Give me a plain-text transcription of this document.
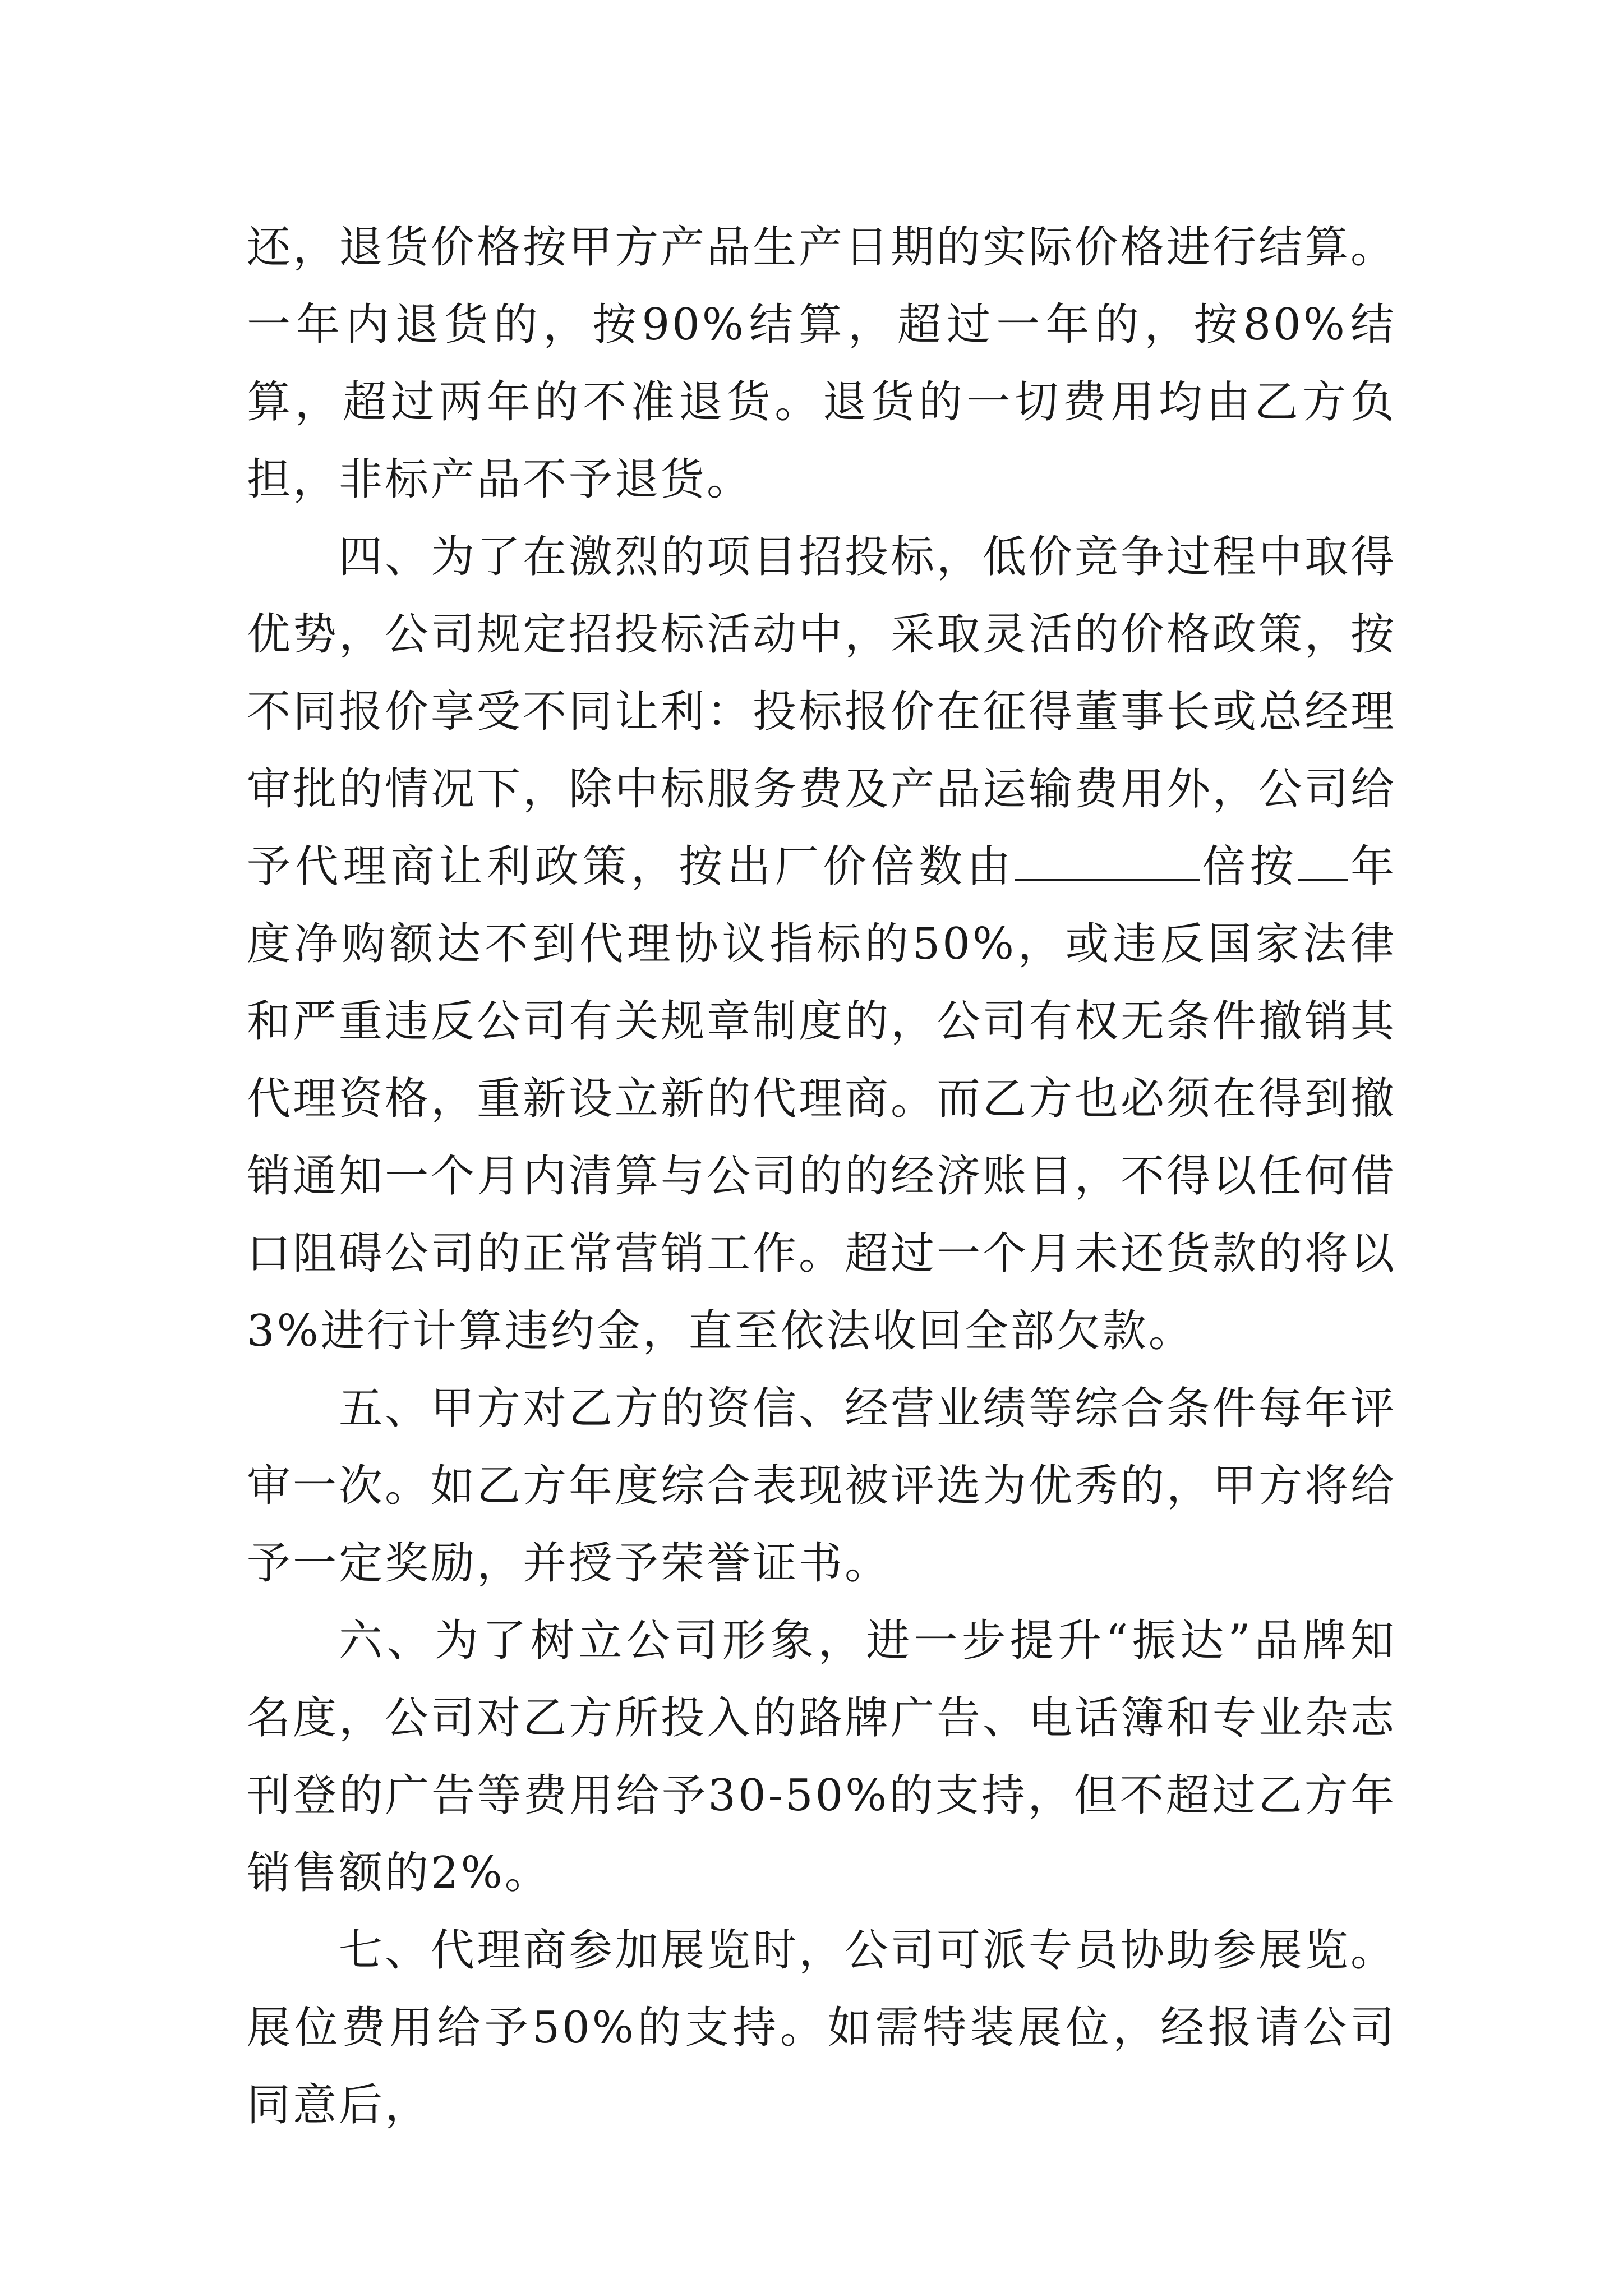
还，退货价格按甲方产品生产日期的实际价格进行结算。一年内退货的，按90%结算，超过一年的，按80%结算，超过两年的不准退货。退货的一切费用均由乙方负担，非标产品不予退货。

四、为了在激烈的项目招投标，低价竞争过程中取得优势，公司规定招投标活动中，采取灵活的价格政策，按不同报价享受不同让利：投标报价在征得董事长或总经理审批的情况下，除中标服务费及产品运输费用外，公司给予代理商让利政策，按出厂价倍数由	倍按 年度净购额达不到代理协议指标的50%，或违反国家法律和严重违反公司有关规章制度的，公司有权无条件撤销其代理资格，重新设立新的代理商。而乙方也必须在得到撤销通知一个月内清算与公司的的经济账目，不得以任何借口阻碍公司的正常营销工作。超过一个月未还货款的将以3%进行计算违约金，直至依法收回全部欠款。

五、甲方对乙方的资信、经营业绩等综合条件每年评审一次。如乙方年度综合表现被评选为优秀的，甲方将给予一定奖励，并授予荣誉证书。

六、为了树立公司形象，进一步提升“振达”品牌知名度，公司对乙方所投入的路牌广告、电话簿和专业杂志刊登的广告等费用给予30-50%的支持，但不超过乙方年销售额的2%。

七、代理商参加展览时，公司可派专员协助参展览。展位费用给予50%的支持。如需特装展位，经报请公司同意后，
